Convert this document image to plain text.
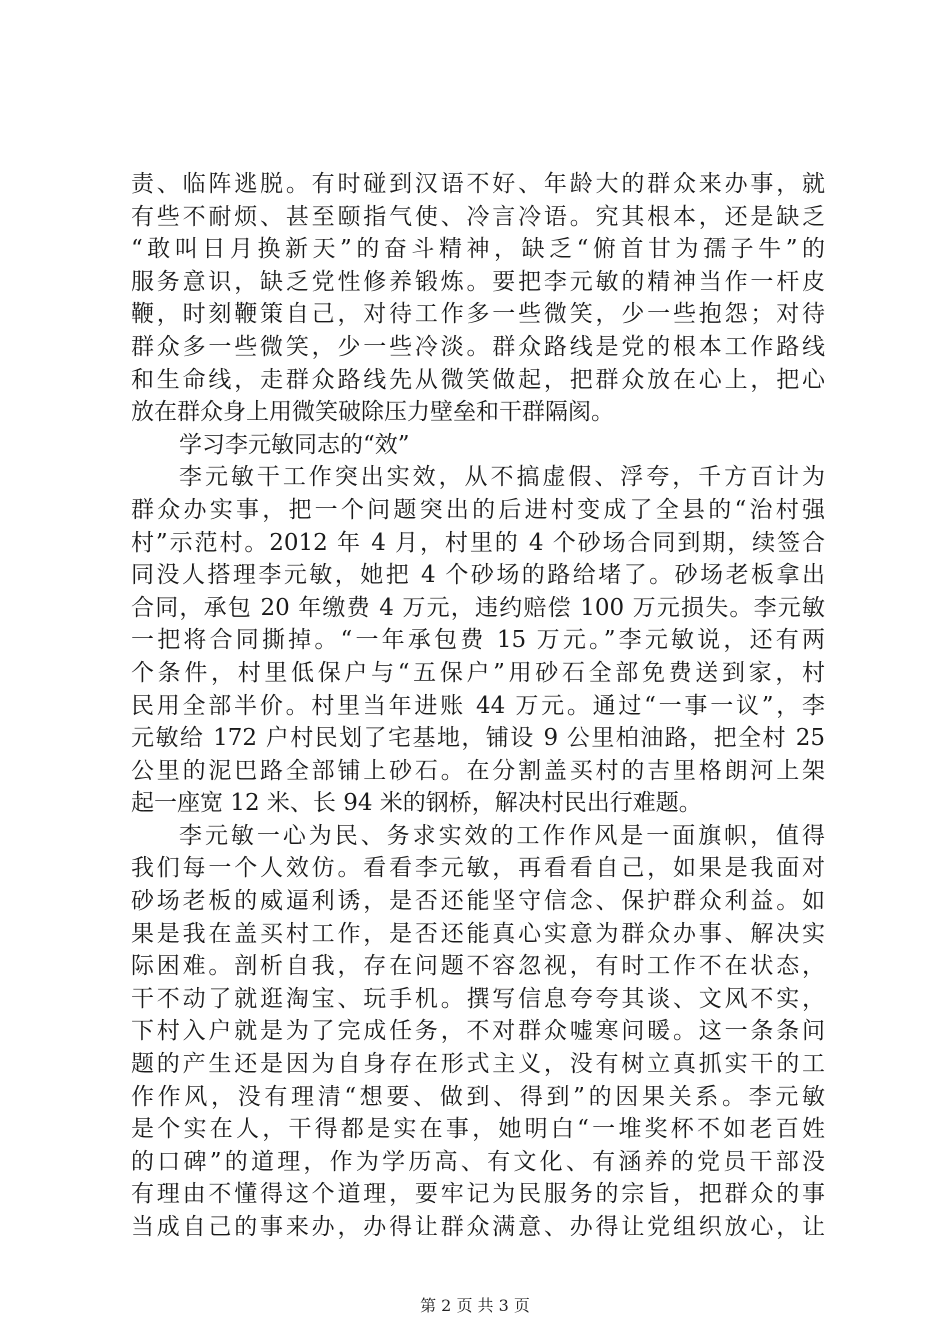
责、临阵逃脱。有时碰到汉语不好、年龄大的群众来办事，就
有些不耐烦、甚至颐指气使、冷言冷语。究其根本，还是缺乏
“敢叫日月换新天”的奋斗精神，缺乏“俯首甘为孺子牛”的
服务意识，缺乏党性修养锻炼。要把李元敏的精神当作一杆皮
鞭，时刻鞭策自己，对待工作多一些微笑，少一些抱怨；对待
群众多一些微笑，少一些冷淡。群众路线是党的根本工作路线
和生命线，走群众路线先从微笑做起，把群众放在心上，把心
放在群众身上用微笑破除压力壁垒和干群隔阂。
学习李元敏同志的“效”
李元敏干工作突出实效，从不搞虚假、浮夸，千方百计为
群众办实事，把一个问题突出的后进村变成了全县的“治村强
村”示范村。2012 年 4 月，村里的 4 个砂场合同到期，续签合
同没人搭理李元敏，她把 4 个砂场的路给堵了。砂场老板拿出
合同，承包 20 年缴费 4 万元，违约赔偿 100 万元损失。李元敏
一把将合同撕掉。“一年承包费 15 万元。”李元敏说，还有两
个条件，村里低保户与“五保户”用砂石全部免费送到家，村
民用全部半价。村里当年进账 44 万元。通过“一事一议”，李
元敏给 172 户村民划了宅基地，铺设 9 公里柏油路，把全村 25
公里的泥巴路全部铺上砂石。在分割盖买村的吉里格朗河上架
起一座宽 12 米、长 94 米的钢桥，解决村民出行难题。
李元敏一心为民、务求实效的工作作风是一面旗帜，值得
我们每一个人效仿。看看李元敏，再看看自己，如果是我面对
砂场老板的威逼利诱，是否还能坚守信念、保护群众利益。如
果是我在盖买村工作，是否还能真心实意为群众办事、解决实
际困难。剖析自我，存在问题不容忽视，有时工作不在状态，
干不动了就逛淘宝、玩手机。撰写信息夸夸其谈、文风不实，
下村入户就是为了完成任务，不对群众嘘寒问暖。这一条条问
题的产生还是因为自身存在形式主义，没有树立真抓实干的工
作作风，没有理清“想要、做到、得到”的因果关系。李元敏
是个实在人，干得都是实在事，她明白“一堆奖杯不如老百姓
的口碑”的道理，作为学历高、有文化、有涵养的党员干部没
有理由不懂得这个道理，要牢记为民服务的宗旨，把群众的事
当成自己的事来办，办得让群众满意、办得让党组织放心，让
第 2 页 共 3 页
